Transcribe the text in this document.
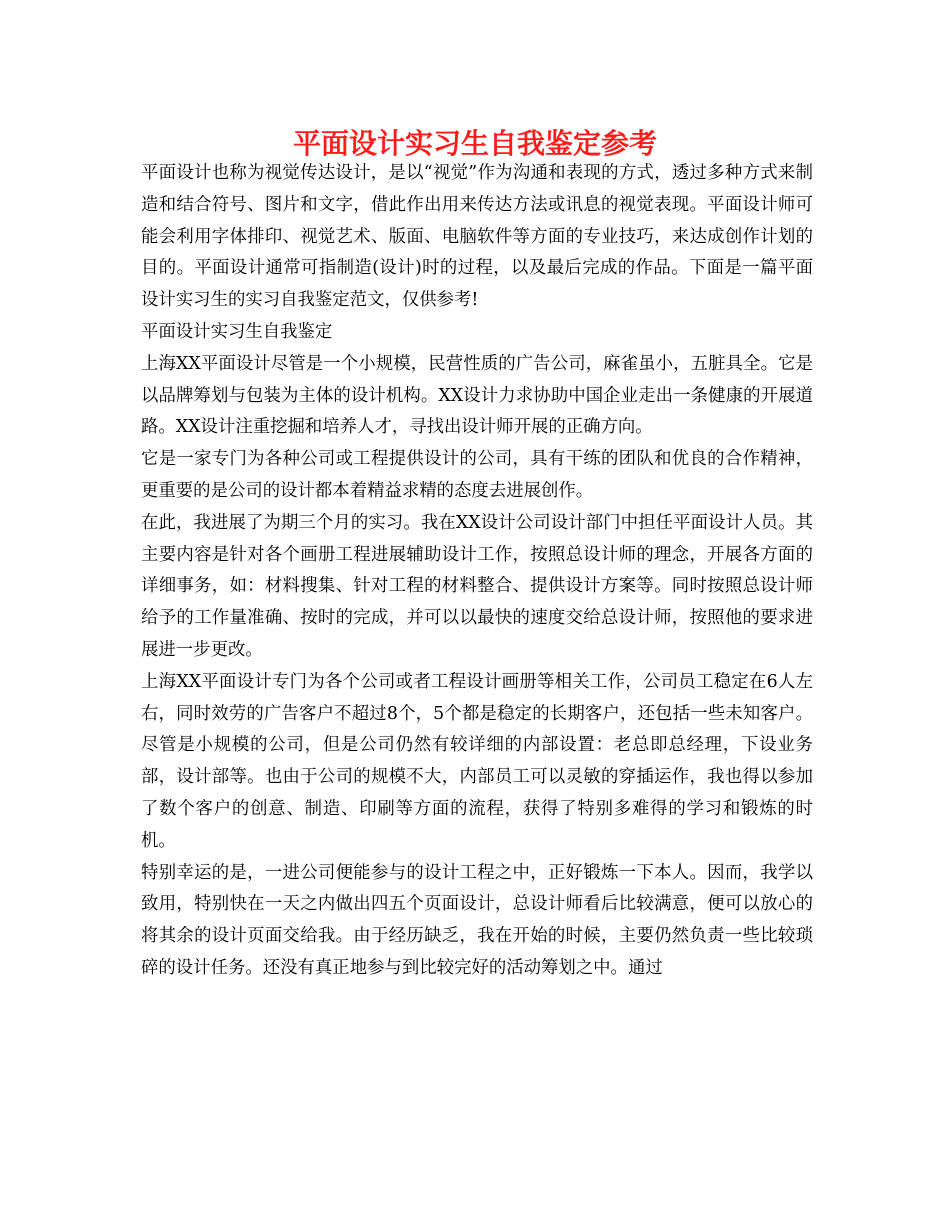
平面设计实习生自我鉴定参考

平面设计也称为视觉传达设计，是以“视觉”作为沟通和表现的方式，透过多种方式来制造和结合符号、图片和文字，借此作出用来传达方法或讯息的视觉表现。平面设计师可能会利用字体排印、视觉艺术、版面、电脑软件等方面的专业技巧，来达成创作计划的目的。平面设计通常可指制造(设计)时的过程，以及最后完成的作品。下面是一篇平面设计实习生的实习自我鉴定范文，仅供参考!

平面设计实习生自我鉴定

上海XX平面设计尽管是一个小规模，民营性质的广告公司，麻雀虽小，五脏具全。它是以品牌筹划与包装为主体的设计机构。XX设计力求协助中国企业走出一条健康的开展道路。XX设计注重挖掘和培养人才，寻找出设计师开展的正确方向。

它是一家专门为各种公司或工程提供设计的公司，具有干练的团队和优良的合作精神，更重要的是公司的设计都本着精益求精的态度去进展创作。

在此，我进展了为期三个月的实习。我在XX设计公司设计部门中担任平面设计人员。其主要内容是针对各个画册工程进展辅助设计工作，按照总设计师的理念，开展各方面的详细事务，如：材料搜集、针对工程的材料整合、提供设计方案等。同时按照总设计师给予的工作量准确、按时的完成，并可以以最快的速度交给总设计师，按照他的要求进展进一步更改。

上海XX平面设计专门为各个公司或者工程设计画册等相关工作，公司员工稳定在6人左右，同时效劳的广告客户不超过8个，5个都是稳定的长期客户，还包括一些未知客户。尽管是小规模的公司，但是公司仍然有较详细的内部设置：老总即总经理，下设业务部，设计部等。也由于公司的规模不大，内部员工可以灵敏的穿插运作，我也得以参加了数个客户的创意、制造、印刷等方面的流程，获得了特别多难得的学习和锻炼的时机。

特别幸运的是，一进公司便能参与的设计工程之中，正好锻炼一下本人。因而，我学以致用，特别快在一天之内做出四五个页面设计，总设计师看后比较满意，便可以放心的将其余的设计页面交给我。由于经历缺乏，我在开始的时候，主要仍然负责一些比较琐碎的设计任务。还没有真正地参与到比较完好的活动筹划之中。通过
